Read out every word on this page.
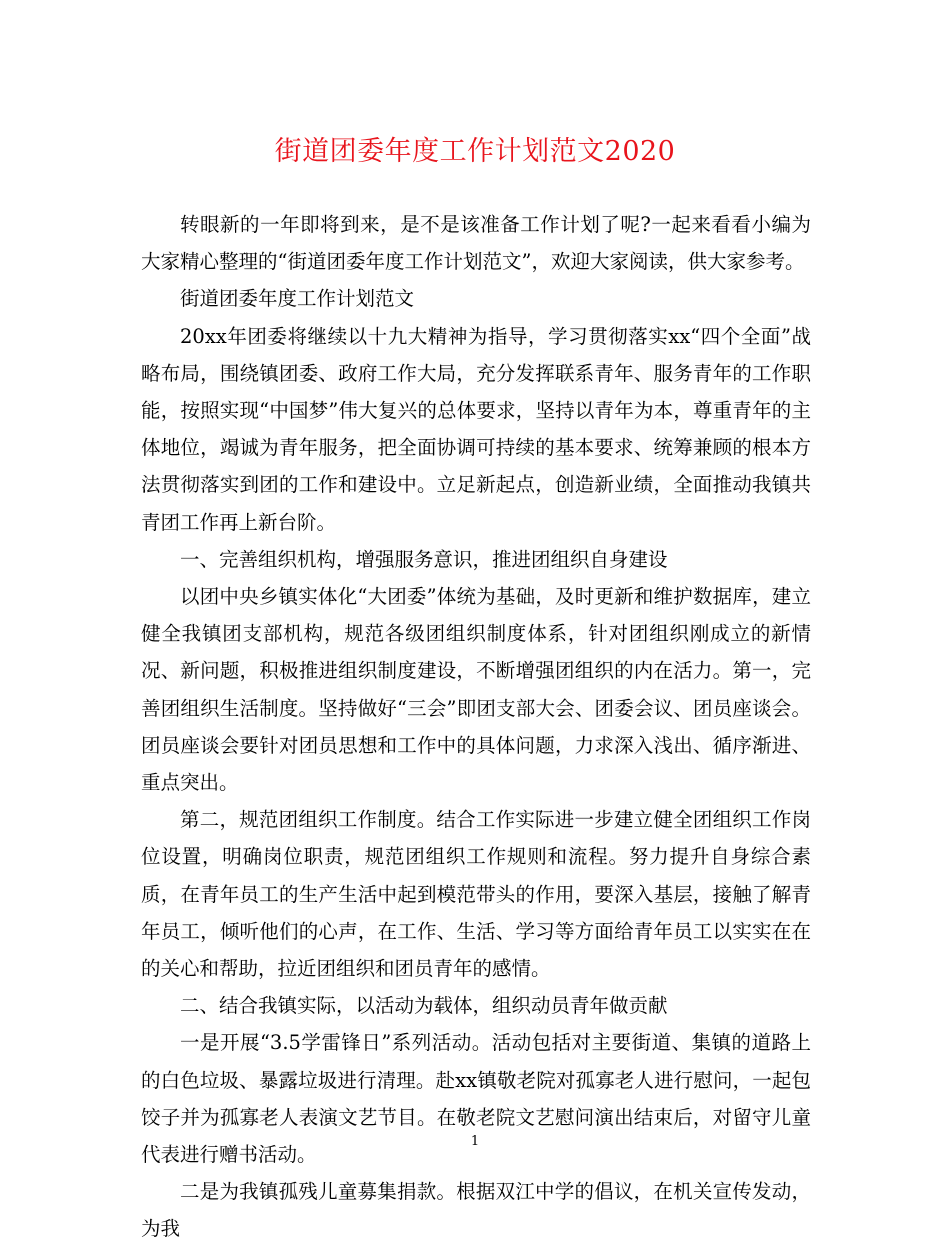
街道团委年度工作计划范文2020

转眼新的一年即将到来，是不是该准备工作计划了呢?一起来看看小编为大家精心整理的“街道团委年度工作计划范文”，欢迎大家阅读，供大家参考。

街道团委年度工作计划范文

20xx年团委将继续以十九大精神为指导，学习贯彻落实xx“四个全面”战略布局，围绕镇团委、政府工作大局，充分发挥联系青年、服务青年的工作职能，按照实现“中国梦”伟大复兴的总体要求，坚持以青年为本，尊重青年的主体地位，竭诚为青年服务，把全面协调可持续的基本要求、统筹兼顾的根本方法贯彻落实到团的工作和建设中。立足新起点，创造新业绩，全面推动我镇共青团工作再上新台阶。

一、完善组织机构，增强服务意识，推进团组织自身建设

以团中央乡镇实体化“大团委”体统为基础，及时更新和维护数据库，建立健全我镇团支部机构，规范各级团组织制度体系，针对团组织刚成立的新情况、新问题，积极推进组织制度建设，不断增强团组织的内在活力。第一，完善团组织生活制度。坚持做好“三会”即团支部大会、团委会议、团员座谈会。团员座谈会要针对团员思想和工作中的具体问题，力求深入浅出、循序渐进、重点突出。

第二，规范团组织工作制度。结合工作实际进一步建立健全团组织工作岗位设置，明确岗位职责，规范团组织工作规则和流程。努力提升自身综合素质，在青年员工的生产生活中起到模范带头的作用，要深入基层，接触了解青年员工，倾听他们的心声，在工作、生活、学习等方面给青年员工以实实在在的关心和帮助，拉近团组织和团员青年的感情。

二、结合我镇实际，以活动为载体，组织动员青年做贡献

一是开展“3.5学雷锋日”系列活动。活动包括对主要街道、集镇的道路上的白色垃圾、暴露垃圾进行清理。赴xx镇敬老院对孤寡老人进行慰问，一起包饺子并为孤寡老人表演文艺节目。在敬老院文艺慰问演出结束后，对留守儿童代表进行赠书活动。

二是为我镇孤残儿童募集捐款。根据双江中学的倡议，在机关宣传发动，为我

1
